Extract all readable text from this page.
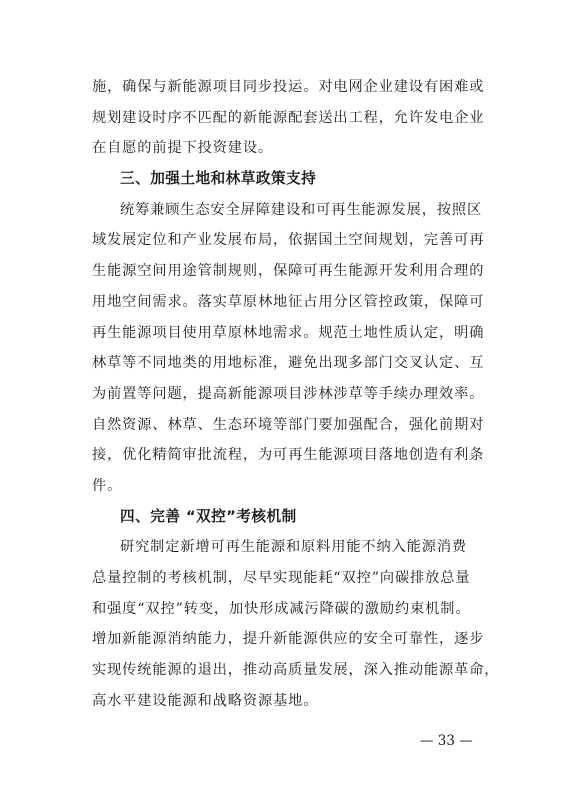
施，确保与新能源项目同步投运。对电网企业建设有困难或
规划建设时序不匹配的新能源配套送出工程，允许发电企业
在自愿的前提下投资建设。
三、加强土地和林草政策支持
统筹兼顾生态安全屏障建设和可再生能源发展，按照区
域发展定位和产业发展布局，依据国土空间规划，完善可再
生能源空间用途管制规则，保障可再生能源开发利用合理的
用地空间需求。落实草原林地征占用分区管控政策，保障可
再生能源项目使用草原林地需求。规范土地性质认定，明确
林草等不同地类的用地标准，避免出现多部门交叉认定、互
为前置等问题，提高新能源项目涉林涉草等手续办理效率。
自然资源、林草、生态环境等部门要加强配合，强化前期对
接，优化精简审批流程，为可再生能源项目落地创造有利条
件。
四、完善 “双控”考核机制
研究制定新增可再生能源和原料用能不纳入能源消费
总量控制的考核机制，尽早实现能耗“双控”向碳排放总量
和强度“双控”转变，加快形成减污降碳的激励约束机制。
增加新能源消纳能力，提升新能源供应的安全可靠性，逐步
实现传统能源的退出，推动高质量发展，深入推动能源革命，
高水平建设能源和战略资源基地。
— 33 —
